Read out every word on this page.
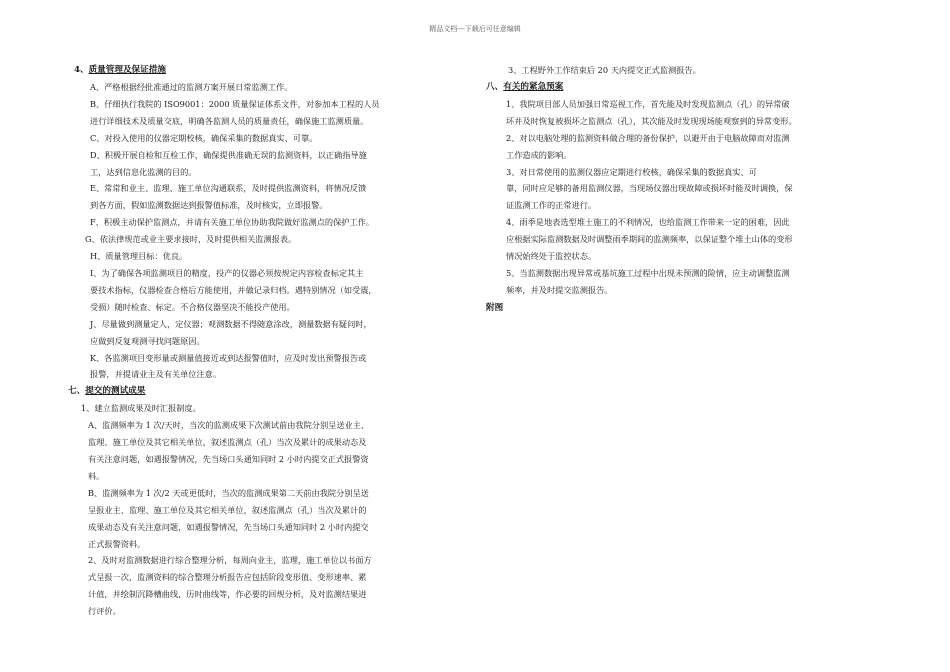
精品文档---下载后可任意编辑
4、质量管理及保证措施
A、严格根据经批准通过的监测方案开展日常监测工作。
B、仔细执行我院的 ISO9001：2000 质量保证体系文件，对参加本工程的人员
进行详细技术及质量交底，明确各监测人员的质量责任，确保施工监测质量。
C、对投入使用的仪器定期校核，确保采集的数据真实、可靠。
D、积极开展自检和互检工作，确保提供准确无误的监测资料，以正确指导施
工，达到信息化监测的目的。
E、常常和业主、监理、施工单位沟通联系，及时提供监测资料，将情况反馈
到各方面，假如监测数据达到报警值标准，及时核实，立即报警。
F、积极主动保护监测点，并请有关施工单位协助我院做好监测点的保护工作。
G、依法律规范或业主要求接时，及时提供相关监测报表。
H、质量管理目标：优良。
I、为了确保各项监测项目的精度，投产的仪器必须按规定内容检查标定其主
要技术指标，仪器检查合格后方能使用，并做记录归档。遇特别情况（如受震，
受损）随时检查、标定。不合格仪器坚决不能投产使用。
J、尽量做到测量定人，定仪器；观测数据不得随意涂改，测量数据有疑问时，
应做到反复观测寻找问题原因。
K、各监测项目变形量或测量值接近或到达报警值时，应及时发出预警报告或
报警，并提请业主及有关单位注意。
七、提交的测试成果
1、建立监测成果及时汇报制度。
A、监测频率为 1 次/天时，当次的监测成果下次测试前由我院分别呈送业主、
监理、施工单位及其它相关单位，叙述监测点（孔）当次及累计的成果动态及
有关注意问题，如遇报警情况，先当场口头通知同时 2 小时内提交正式报警资
料。
B、监测频率为 1 次/2 天或更低时，当次的监测成果第二天前由我院分别呈送
呈报业主、监理、施工单位及其它相关单位，叙述监测点（孔）当次及累计的
成果动态及有关注意问题，如遇报警情况，先当场口头通知同时 2 小时内提交
正式报警资料。
2、及时对监测数据进行综合整理分析，每周向业主，监理，施工单位以书面方
式呈报一次，监测资料的综合整理分析报告应包括阶段变形值、变形速率、累
计值，并绘制沉降槽曲线，历时曲线等，作必要的回规分析，及对监测结果进
行评价。
3、工程野外工作结束后 20 天内提交正式监测报告。
八、有关的紧急预案
1、我院项目部人员加强日常巡视工作，首先能及时发现监测点（孔）的异常破
坏并及时恢复被损坏之监测点（孔），其次能及时发现现场能观察到的异常变形。
2、对以电脑处理的监测资料做合理的备份保护，以避开由于电脑故障而对监测
工作造成的影响。
3、对日常使用的监测仪器应定期进行校核，确保采集的数据真实、可
靠，同时应足够的备用监测仪器，当现场仪器出现故障或损坏时能及时调换，保
证监测工作的正常进行。
4、雨季是地表选型堆土施工的不利情况，也给监测工作带来一定的困难，因此
应根据实际监测数据及时调整雨季期间的监测频率，以保证整个堆土山体的变形
情况始终处于监控状态。
5、当监测数据出现异常或基坑施工过程中出现未预测的险情，应主动调整监测
频率，并及时提交监测报告。
附图
